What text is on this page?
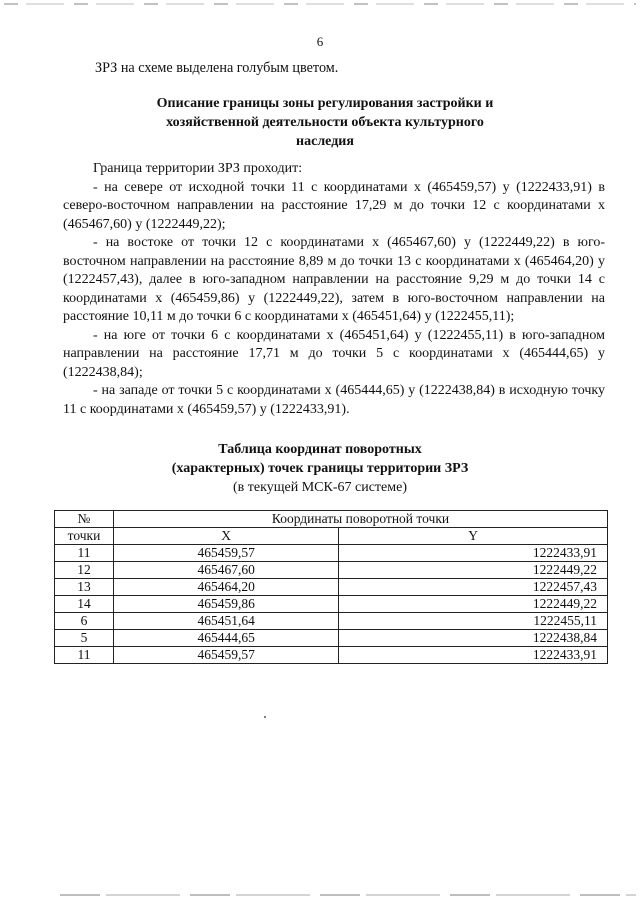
6
ЗРЗ на схеме выделена голубым цветом.
Описание границы зоны регулирования застройки и
хозяйственной деятельности объекта культурного
наследия

Граница территории ЗРЗ проходит:

- на севере от исходной точки 11 с координатами х (465459,57) у (1222433,91) в северо-восточном направлении на расстояние 17,29 м до точки 12 с координатами х (465467,60) у (1222449,22);

- на востоке от точки 12 с координатами х (465467,60) у (1222449,22) в юго-восточном направлении на расстояние 8,89 м до точки 13 с координатами х (465464,20) у (1222457,43), далее в юго-западном направлении на расстояние 9,29 м до точки 14 с координатами х (465459,86) у (1222449,22), затем в юго-восточном направлении на расстояние 10,11 м до точки 6 с координатами х (465451,64) у (1222455,11);

- на юге от точки 6 с координатами х (465451,64) у (1222455,11) в юго-западном направлении на расстояние 17,71 м до точки 5 с координатами х (465444,65) у (1222438,84);

- на западе от точки 5 с координатами х (465444,65) у (1222438,84) в исходную точку 11 с координатами х (465459,57) у (1222433,91).

Таблица координат поворотных
(характерных) точек границы территории ЗРЗ
(в текущей МСК-67 системе)
№	Координаты поворотной точки	
точки	X	Y
11	465459,57	1222433,91
12	465467,60	1222449,22
13	465464,20	1222457,43
14	465459,86	1222449,22
6	465451,64	1222455,11
5	465444,65	1222438,84
11	465459,57	1222433,91
